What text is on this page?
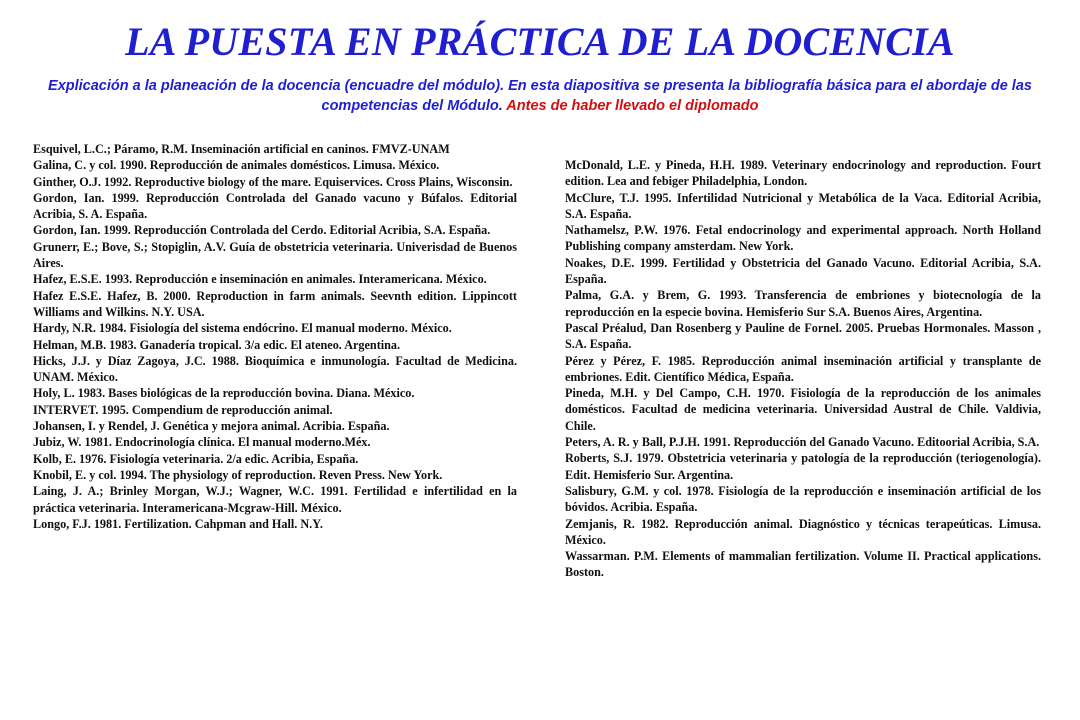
LA PUESTA EN PRÁCTICA DE LA DOCENCIA

Explicación a la planeación de la docencia (encuadre del módulo). En esta diapositiva se presenta la bibliografía básica para el abordaje de las competencias del Módulo. Antes de haber llevado el diplomado

Esquivel, L.C.; Páramo, R.M. Inseminación artificial en caninos. FMVZ-UNAM
Galina, C. y col. 1990. Reproducción de animales domésticos. Limusa. México.
Ginther, O.J. 1992. Reproductive biology of the mare. Equiservices. Cross Plains, Wisconsin.
Gordon, Ian. 1999. Reproducción Controlada del Ganado vacuno y Búfalos. Editorial Acribia, S. A. España.
Gordon, Ian. 1999. Reproducción Controlada del Cerdo. Editorial Acribia, S.A. España.
Grunerr, E.; Bove, S.; Stopiglin, A.V. Guía de obstetricia veterinaria. Univerisdad de Buenos Aires.
Hafez, E.S.E. 1993. Reproducción e inseminación en animales. Interamericana. México.
Hafez E.S.E. Hafez, B. 2000. Reproduction in farm animals. Seevnth edition. Lippincott Williams and Wilkins. N.Y. USA.
Hardy, N.R. 1984. Fisiología del sistema endócrino. El manual moderno. México.
Helman, M.B. 1983. Ganadería tropical. 3/a edic. El ateneo. Argentina.
Hicks, J.J. y Díaz Zagoya, J.C. 1988. Bioquímica e inmunología. Facultad de Medicina. UNAM. México.
Holy, L. 1983. Bases biológicas de la reproducción bovina. Diana. México.
INTERVET. 1995. Compendium de reproducción animal.
Johansen, I. y Rendel, J. Genética y mejora animal. Acribia. España.
Jubiz, W. 1981. Endocrinología clínica. El manual moderno.Méx.
Kolb, E. 1976. Fisiología veterinaria. 2/a edic. Acribia, España.
Knobil, E. y col. 1994. The physiology of reproduction. Reven Press. New York.
Laing, J. A.; Brinley Morgan, W.J.; Wagner, W.C. 1991. Fertilidad e infertilidad en la práctica veterinaria. Interamericana-Mcgraw-Hill. México.
Longo, F.J. 1981. Fertilization. Cahpman and Hall. N.Y.
McDonald, L.E. y Pineda, H.H. 1989. Veterinary endocrinology and reproduction. Fourt edition. Lea and febiger Philadelphia, London.
McClure, T.J. 1995. Infertilidad Nutricional y Metabólica de la Vaca. Editorial Acribia, S.A. España.
Nathamelsz, P.W. 1976. Fetal endocrinology and experimental approach. North Holland Publishing company amsterdam. New York.
Noakes, D.E. 1999. Fertilidad y Obstetricia del Ganado Vacuno. Editorial Acribia, S.A. España.
Palma, G.A. y Brem, G. 1993. Transferencia de embriones y biotecnología de la reproducción en la especie bovina. Hemisferio Sur S.A. Buenos Aires, Argentina.
Pascal Préalud, Dan Rosenberg y Pauline de Fornel. 2005. Pruebas Hormonales. Masson , S.A. España.
Pérez y Pérez, F. 1985. Reproducción animal inseminación artificial y transplante de embriones. Edit. Científico Médica, España.
Pineda, M.H. y Del Campo, C.H. 1970. Fisiología de la reproducción de los animales domésticos. Facultad de medicina veterinaria. Universidad Austral de Chile. Valdivia, Chile.
Peters, A. R. y Ball, P.J.H. 1991. Reproducción del Ganado Vacuno. Editoorial Acribia, S.A.
Roberts, S.J. 1979. Obstetricia veterinaria y patología de la reproducción (teriogenología). Edit. Hemisferio Sur. Argentina.
Salisbury, G.M. y col. 1978. Fisiología de la reproducción e inseminación artificial de los bóvidos. Acribia. España.
Zemjanis, R. 1982. Reproducción animal. Diagnóstico y técnicas terapeúticas. Limusa. México.
Wassarman. P.M. Elements of mammalian fertilization. Volume II. Practical applications. Boston.
